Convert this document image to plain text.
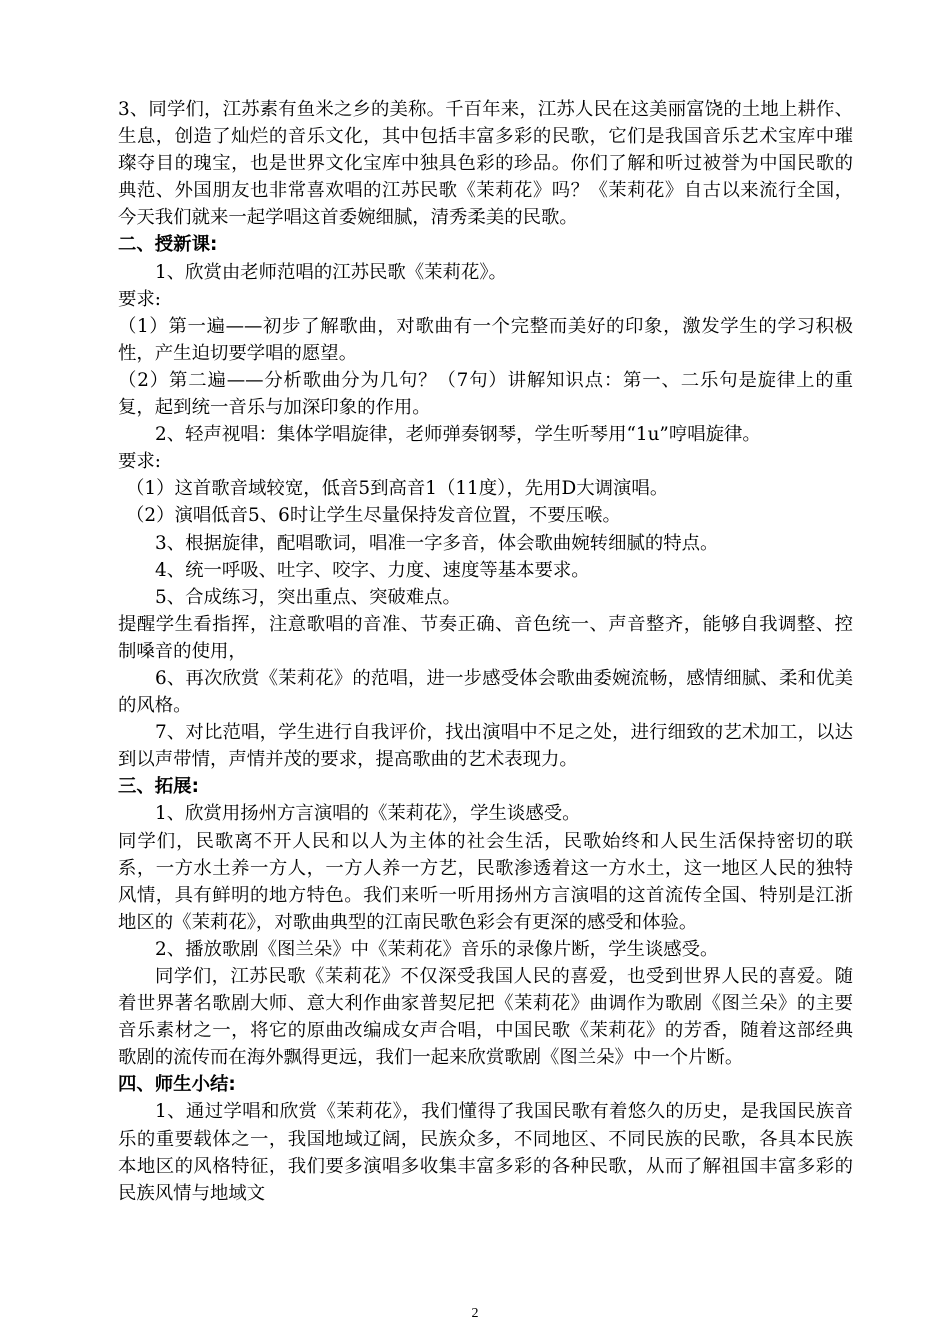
3、同学们，江苏素有鱼米之乡的美称。千百年来，江苏人民在这美丽富饶的土地上耕作、生息，创造了灿烂的音乐文化，其中包括丰富多彩的民歌，它们是我国音乐艺术宝库中璀璨夺目的瑰宝，也是世界文化宝库中独具色彩的珍品。你们了解和听过被誉为中国民歌的典范、外国朋友也非常喜欢唱的江苏民歌《茉莉花》吗？《茉莉花》自古以来流行全国，今天我们就来一起学唱这首委婉细腻，清秀柔美的民歌。

二、授新课:

1、欣赏由老师范唱的江苏民歌《茉莉花》。

要求:

（1）第一遍——初步了解歌曲，对歌曲有一个完整而美好的印象，激发学生的学习积极性，产生迫切要学唱的愿望。

（2）第二遍——分析歌曲分为几句？（7句）讲解知识点：第一、二乐句是旋律上的重复，起到统一音乐与加深印象的作用。

2、轻声视唱：集体学唱旋律，老师弹奏钢琴，学生听琴用“1u”哼唱旋律。

要求:

（1）这首歌音域较宽，低音5到高音1（11度），先用D大调演唱。

（2）演唱低音5、6时让学生尽量保持发音位置，不要压喉。

3、根据旋律，配唱歌词，唱准一字多音，体会歌曲婉转细腻的特点。

4、统一呼吸、吐字、咬字、力度、速度等基本要求。

5、合成练习，突出重点、突破难点。

提醒学生看指挥，注意歌唱的音准、节奏正确、音色统一、声音整齐，能够自我调整、控制嗓音的使用，

6、再次欣赏《茉莉花》的范唱，进一步感受体会歌曲委婉流畅，感情细腻、柔和优美的风格。

7、对比范唱，学生进行自我评价，找出演唱中不足之处，进行细致的艺术加工，以达到以声带情，声情并茂的要求，提高歌曲的艺术表现力。

三、拓展:

1、欣赏用扬州方言演唱的《茉莉花》，学生谈感受。

同学们，民歌离不开人民和以人为主体的社会生活，民歌始终和人民生活保持密切的联系，一方水土养一方人，一方人养一方艺，民歌渗透着这一方水土，这一地区人民的独特风情，具有鲜明的地方特色。我们来听一听用扬州方言演唱的这首流传全国、特别是江浙地区的《茉莉花》，对歌曲典型的江南民歌色彩会有更深的感受和体验。

2、播放歌剧《图兰朵》中《茉莉花》音乐的录像片断，学生谈感受。

同学们，江苏民歌《茉莉花》不仅深受我国人民的喜爱，也受到世界人民的喜爱。随着世界著名歌剧大师、意大利作曲家普契尼把《茉莉花》曲调作为歌剧《图兰朵》的主要音乐素材之一，将它的原曲改编成女声合唱，中国民歌《茉莉花》的芳香，随着这部经典歌剧的流传而在海外飘得更远，我们一起来欣赏歌剧《图兰朵》中一个片断。

四、师生小结:

1、通过学唱和欣赏《茉莉花》，我们懂得了我国民歌有着悠久的历史，是我国民族音乐的重要载体之一，我国地域辽阔，民族众多，不同地区、不同民族的民歌，各具本民族本地区的风格特征，我们要多演唱多收集丰富多彩的各种民歌，从而了解祖国丰富多彩的民族风情与地域文

2
